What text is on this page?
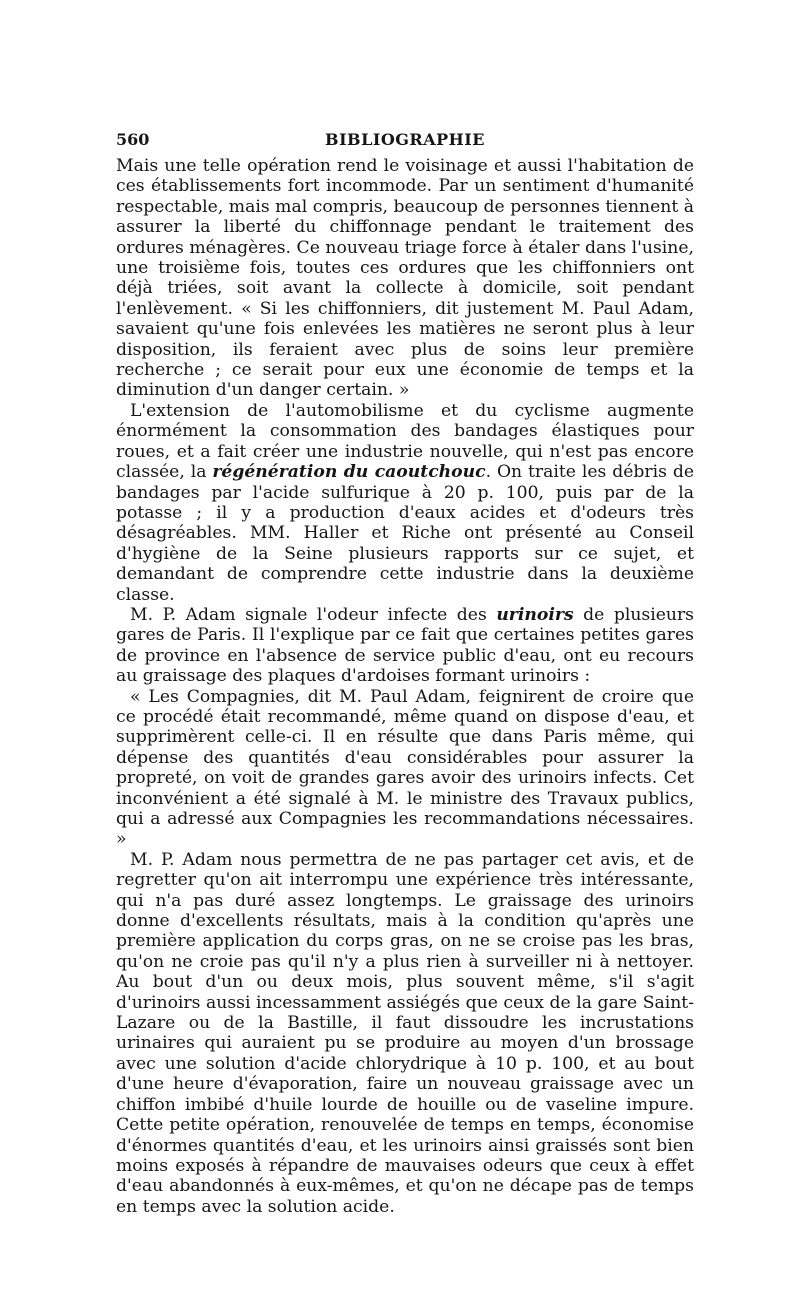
560	BIBLIOGRAPHIE

Mais une telle opération rend le voisinage et aussi l'habitation de ces établissements fort incommode. Par un sentiment d'humanité respectable, mais mal compris, beaucoup de personnes tiennent à assurer la liberté du chiffonnage pendant le traitement des ordures ménagères. Ce nouveau triage force à étaler dans l'usine, une troisième fois, toutes ces ordures que les chiffonniers ont déjà triées, soit avant la collecte à domicile, soit pendant l'enlèvement. « Si les chiffonniers, dit justement M. Paul Adam, savaient qu'une fois enlevées les matières ne seront plus à leur disposition, ils feraient avec plus de soins leur première recherche ; ce serait pour eux une économie de temps et la diminution d'un danger certain. »

L'extension de l'automobilisme et du cyclisme augmente énormément la consommation des bandages élastiques pour roues, et a fait créer une industrie nouvelle, qui n'est pas encore classée, la régénération du caoutchouc. On traite les débris de bandages par l'acide sulfurique à 20 p. 100, puis par de la potasse ; il y a production d'eaux acides et d'odeurs très désagréables. MM. Haller et Riche ont présenté au Conseil d'hygiène de la Seine plusieurs rapports sur ce sujet, et demandant de comprendre cette industrie dans la deuxième classe.

M. P. Adam signale l'odeur infecte des urinoirs de plusieurs gares de Paris. Il l'explique par ce fait que certaines petites gares de province en l'absence de service public d'eau, ont eu recours au graissage des plaques d'ardoises formant urinoirs :

« Les Compagnies, dit M. Paul Adam, feignirent de croire que ce procédé était recommandé, même quand on dispose d'eau, et supprimèrent celle-ci. Il en résulte que dans Paris même, qui dépense des quantités d'eau considérables pour assurer la propreté, on voit de grandes gares avoir des urinoirs infects. Cet inconvénient a été signalé à M. le ministre des Travaux publics, qui a adressé aux Compagnies les recommandations nécessaires. »

M. P. Adam nous permettra de ne pas partager cet avis, et de regretter qu'on ait interrompu une expérience très intéressante, qui n'a pas duré assez longtemps. Le graissage des urinoirs donne d'excellents résultats, mais à la condition qu'après une première application du corps gras, on ne se croise pas les bras, qu'on ne croie pas qu'il n'y a plus rien à surveiller ni à nettoyer. Au bout d'un ou deux mois, plus souvent même, s'il s'agit d'urinoirs aussi incessamment assiégés que ceux de la gare Saint-Lazare ou de la Bastille, il faut dissoudre les incrustations urinaires qui auraient pu se produire au moyen d'un brossage avec une solution d'acide chlorydrique à 10 p. 100, et au bout d'une heure d'évaporation, faire un nouveau graissage avec un chiffon imbibé d'huile lourde de houille ou de vaseline impure. Cette petite opération, renouvelée de temps en temps, économise d'énormes quantités d'eau, et les urinoirs ainsi graissés sont bien moins exposés à répandre de mauvaises odeurs que ceux à effet d'eau abandonnés à eux-mêmes, et qu'on ne décape pas de temps en temps avec la solution acide.
